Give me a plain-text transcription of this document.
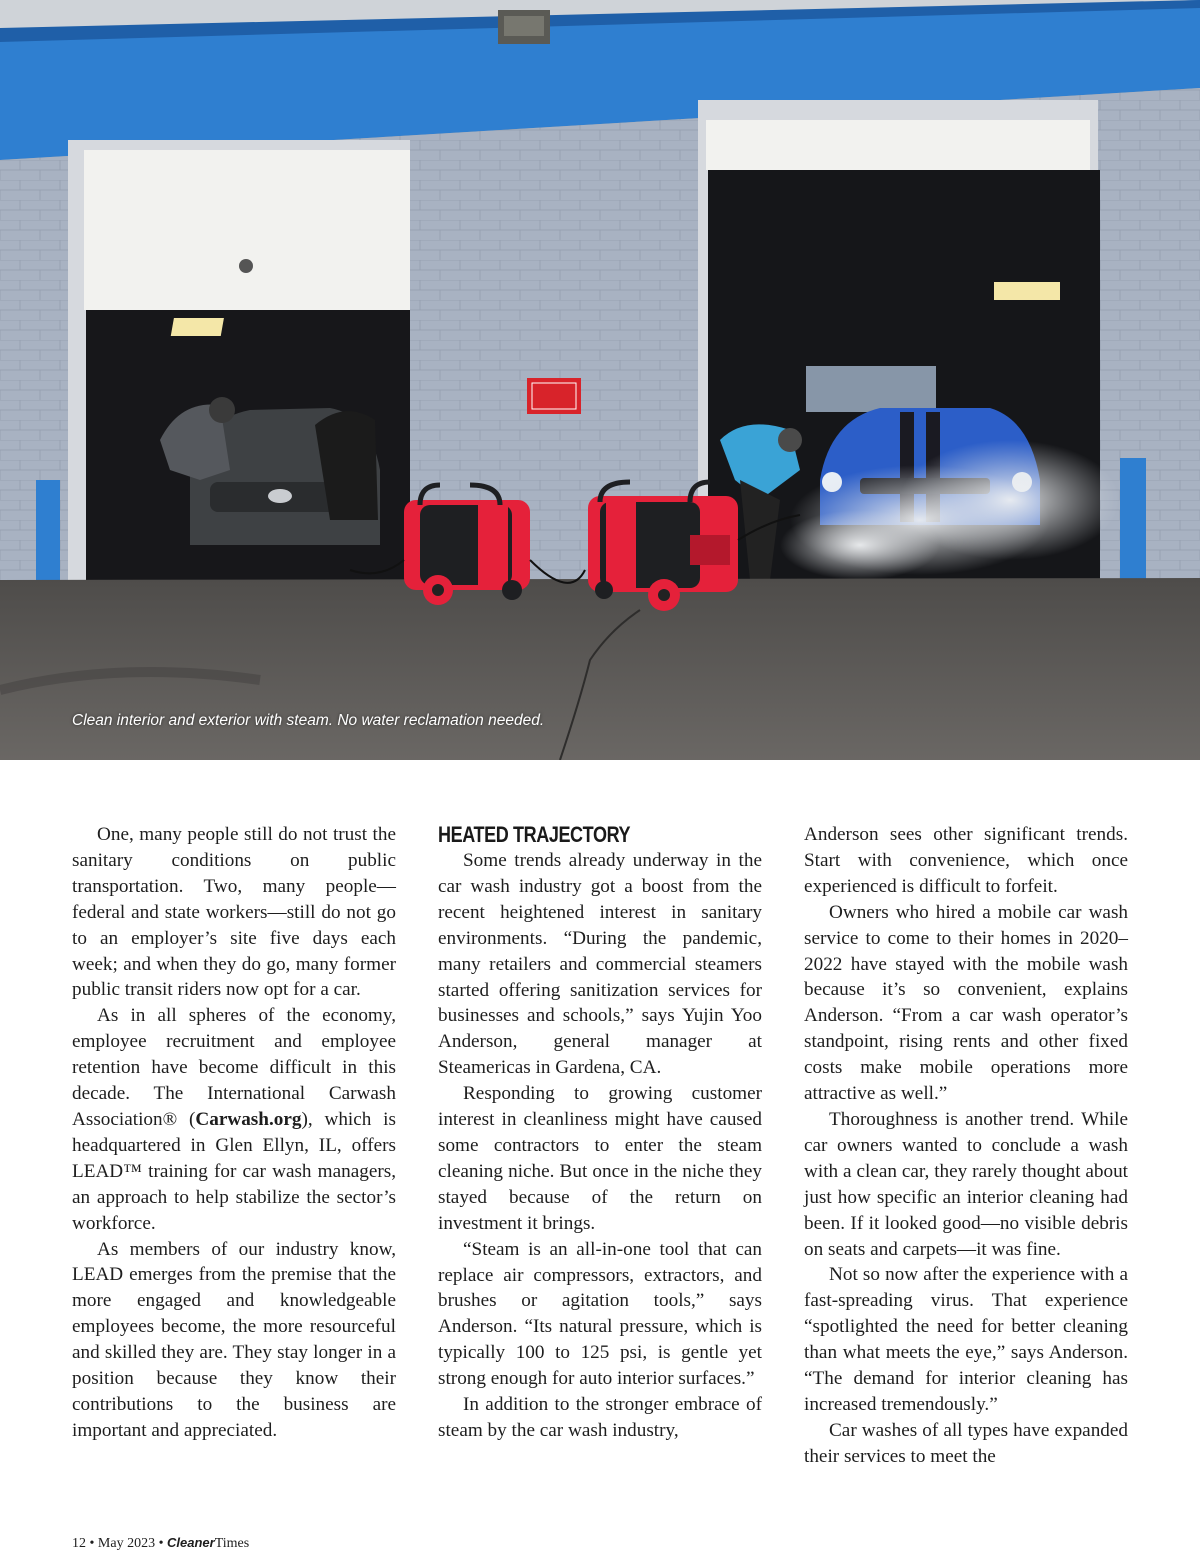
Clean interior and exterior with steam. No water reclamation needed.

One, many people still do not trust the sanitary conditions on public transportation. Two, many people—federal and state workers—still do not go to an employer’s site five days each week; and when they do go, many former public transit riders now opt for a car.

As in all spheres of the economy, employee recruitment and employee retention have become difficult in this decade. The International Carwash Association® (Carwash.org), which is headquartered in Glen Ellyn, IL, offers LEAD™ training for car wash managers, an approach to help stabilize the sector’s workforce.

As members of our industry know, LEAD emerges from the premise that the more engaged and knowledgeable employees become, the more resourceful and skilled they are. They stay longer in a position because they know their contributions to the business are important and appreciated.

HEATED TRAJECTORY

Some trends already underway in the car wash industry got a boost from the recent heightened interest in sanitary environments. “During the pandemic, many retailers and commercial steamers started offering sanitization services for businesses and schools,” says Yujin Yoo Anderson, general manager at Steamericas in Gardena, CA.

Responding to growing customer interest in cleanliness might have caused some contractors to enter the steam cleaning niche. But once in the niche they stayed because of the return on investment it brings.

“Steam is an all-in-one tool that can replace air compressors, extractors, and brushes or agitation tools,” says Anderson. “Its natural pressure, which is typically 100 to 125 psi, is gentle yet strong enough for auto interior surfaces.”

In addition to the stronger embrace of steam by the car wash industry,

Anderson sees other significant trends. Start with convenience, which once experienced is difficult to forfeit.

Owners who hired a mobile car wash service to come to their homes in 2020–2022 have stayed with the mobile wash because it’s so convenient, explains Anderson. “From a car wash operator’s standpoint, rising rents and other fixed costs make mobile operations more attractive as well.”

Thoroughness is another trend. While car owners wanted to conclude a wash with a clean car, they rarely thought about just how specific an interior cleaning had been. If it looked good—no visible debris on seats and carpets—it was fine.

Not so now after the experience with a fast-spreading virus. That experience “spotlighted the need for better cleaning than what meets the eye,” says Anderson. “The demand for interior cleaning has increased tremendously.”

Car washes of all types have expanded their services to meet the

12 • May 2023 • CleanerTimes
